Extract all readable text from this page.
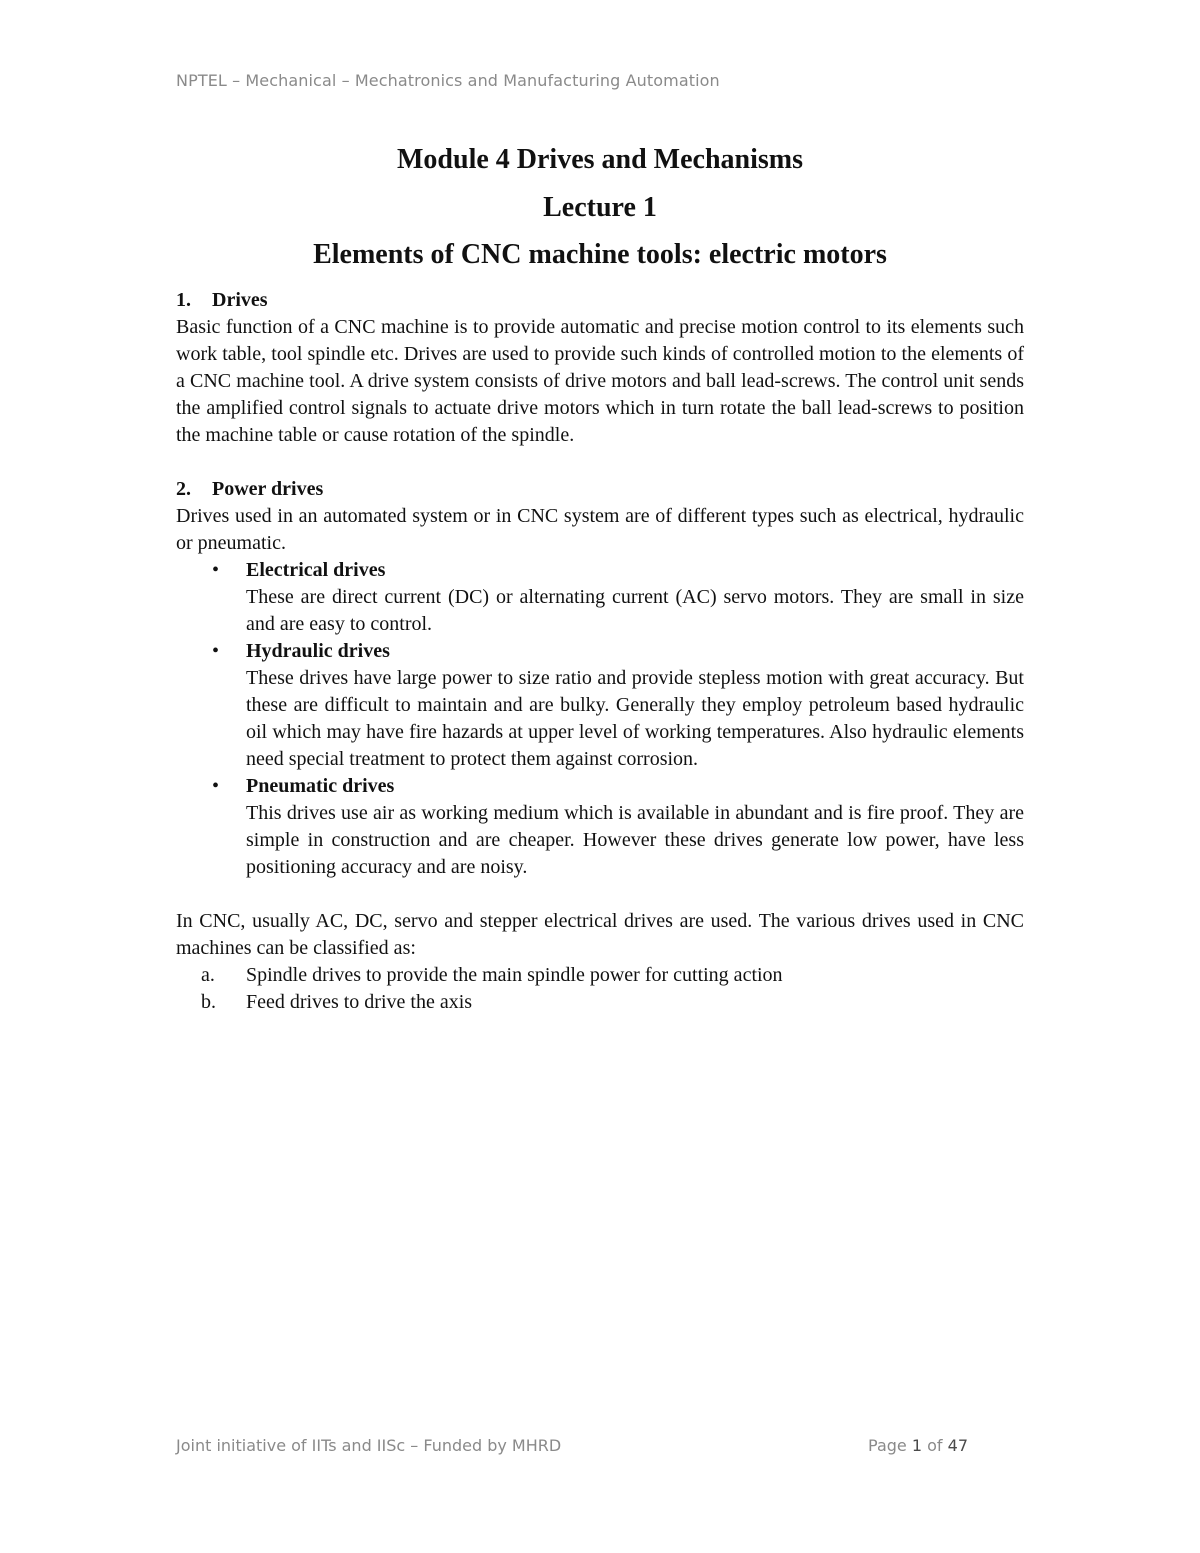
NPTEL – Mechanical – Mechatronics and Manufacturing Automation

Module 4 Drives and Mechanisms

Lecture 1

Elements of CNC machine tools: electric motors

1. Drives

Basic function of a CNC machine is to provide automatic and precise motion control to its elements such work table, tool spindle etc. Drives are used to provide such kinds of controlled motion to the elements of a CNC machine tool. A drive system consists of drive motors and ball lead-screws. The control unit sends the amplified control signals to actuate drive motors which in turn rotate the ball lead-screws to position the machine table or cause rotation of the spindle.

2. Power drives

Drives used in an automated system or in CNC system are of different types such as electrical, hydraulic or pneumatic.

• Electrical drives
These are direct current (DC) or alternating current (AC) servo motors. They are small in size and are easy to control.
• Hydraulic drives
These drives have large power to size ratio and provide stepless motion with great accuracy. But these are difficult to maintain and are bulky. Generally they employ petroleum based hydraulic oil which may have fire hazards at upper level of working temperatures. Also hydraulic elements need special treatment to protect them against corrosion.
• Pneumatic drives
This drives use air as working medium which is available in abundant and is fire proof. They are simple in construction and are cheaper. However these drives generate low power, have less positioning accuracy and are noisy.

In CNC, usually AC, DC, servo and stepper electrical drives are used. The various drives used in CNC machines can be classified as:

a. Spindle drives to provide the main spindle power for cutting action
b. Feed drives to drive the axis
Joint initiative of IITs and IISc – Funded by MHRD	Page 1 of 47
